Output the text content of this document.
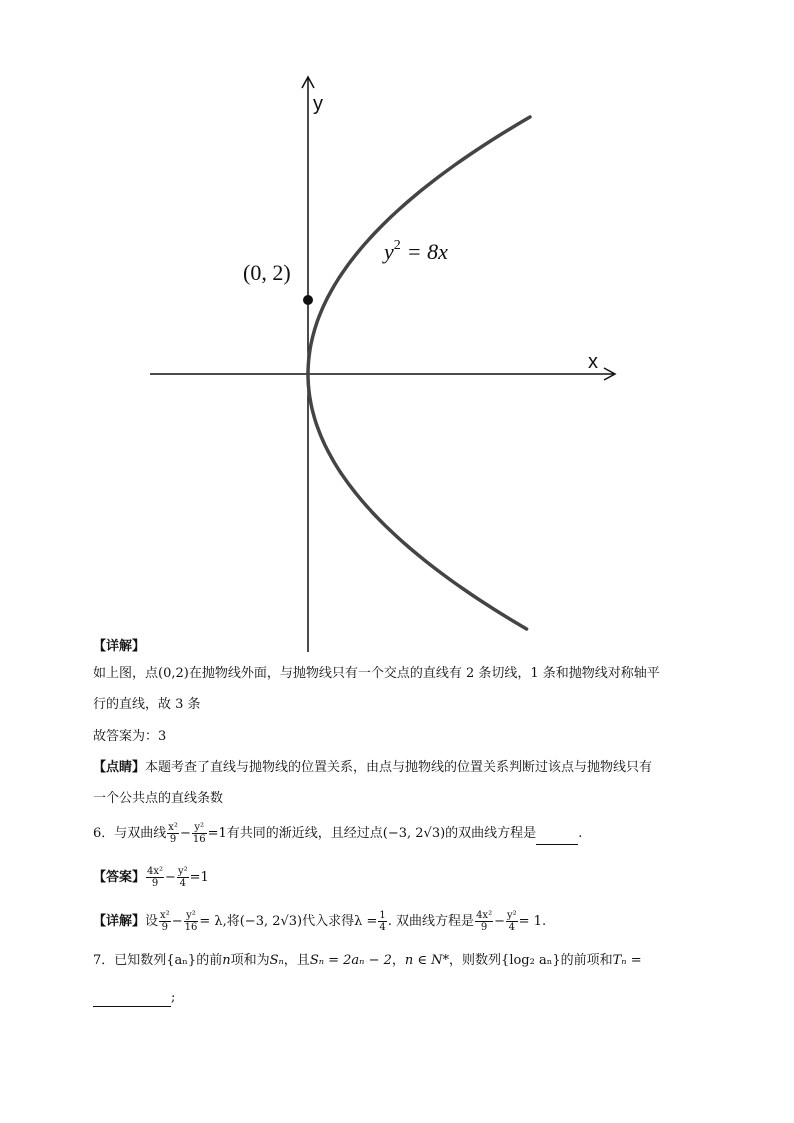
y
x
(0, 2)
$y^2 = 8x$
【详解】
如上图，点(0,2)在抛物线外面，与抛物线只有一个交点的直线有 2 条切线，1 条和抛物线对称轴平
行的直线，故 3 条
故答案为：3
【点睛】本题考查了直线与抛物线的位置关系，由点与抛物线的位置关系判断过该点与抛物线只有
一个公共点的直线条数
6．与双曲线 $\frac{\text{x²}}{9} - \frac{\text{y²}}{16} =1$有共同的渐近线，且经过点(−3, 2√3)的双曲线方程是	.
【答案】 $\frac{\text{4x²}}{9} - \frac{\text{y²}}{4} =1$
【详解】设 $\frac{\text{x²}}{9} - \frac{\text{y²}}{16} = \lambda$,将(−3, 2√3)代入求得$\lambda = \frac{1}{4}$ . 双曲线方程是 $\frac{\text{4x²}}{9} - \frac{\text{y²}}{4} = 1$.
7．已知数列{aₙ}的前n项和为Sₙ，且Sₙ = 2aₙ − 2，n ∈ N*，则数列{log₂ aₙ}的前项和Tₙ =
;
